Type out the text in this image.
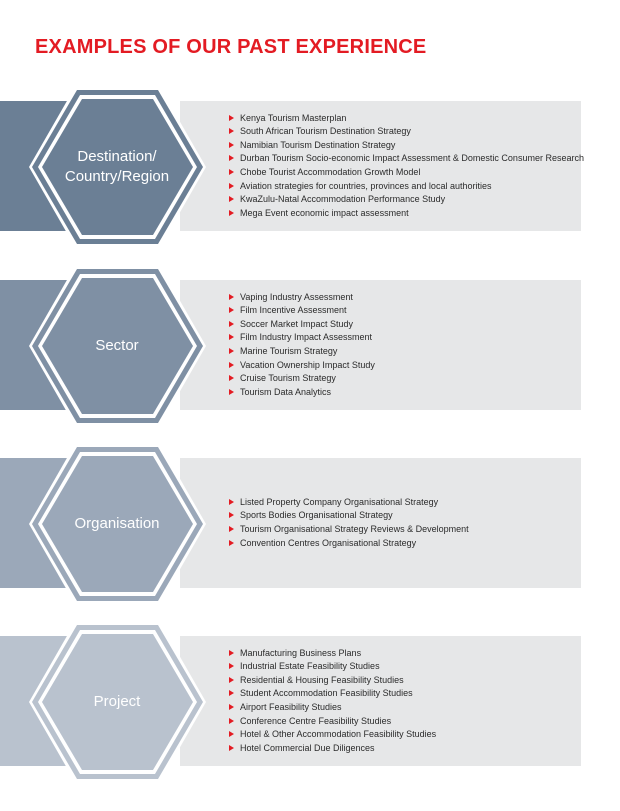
EXAMPLES OF OUR PAST EXPERIENCE
Destination/
Country/Region
Kenya Tourism Masterplan
South African Tourism Destination Strategy
Namibian Tourism Destination Strategy
Durban Tourism Socio-economic Impact Assessment & Domestic Consumer Research
Chobe Tourist Accommodation Growth Model
Aviation strategies for countries, provinces and local authorities
KwaZulu-Natal Accommodation Performance Study
Mega Event economic impact assessment
Sector
Vaping Industry Assessment
Film Incentive Assessment
Soccer Market Impact Study
Film Industry Impact Assessment
Marine Tourism Strategy
Vacation Ownership Impact Study
Cruise Tourism Strategy
Tourism Data Analytics
Organisation
Listed Property Company Organisational Strategy
Sports Bodies Organisational Strategy
Tourism Organisational Strategy Reviews & Development
Convention Centres Organisational Strategy
Project
Manufacturing Business Plans
Industrial Estate Feasibility Studies
Residential & Housing Feasibility Studies
Student Accommodation Feasibility Studies
Airport Feasibility Studies
Conference Centre Feasibility Studies
Hotel & Other Accommodation Feasibility Studies
Hotel Commercial Due Diligences
